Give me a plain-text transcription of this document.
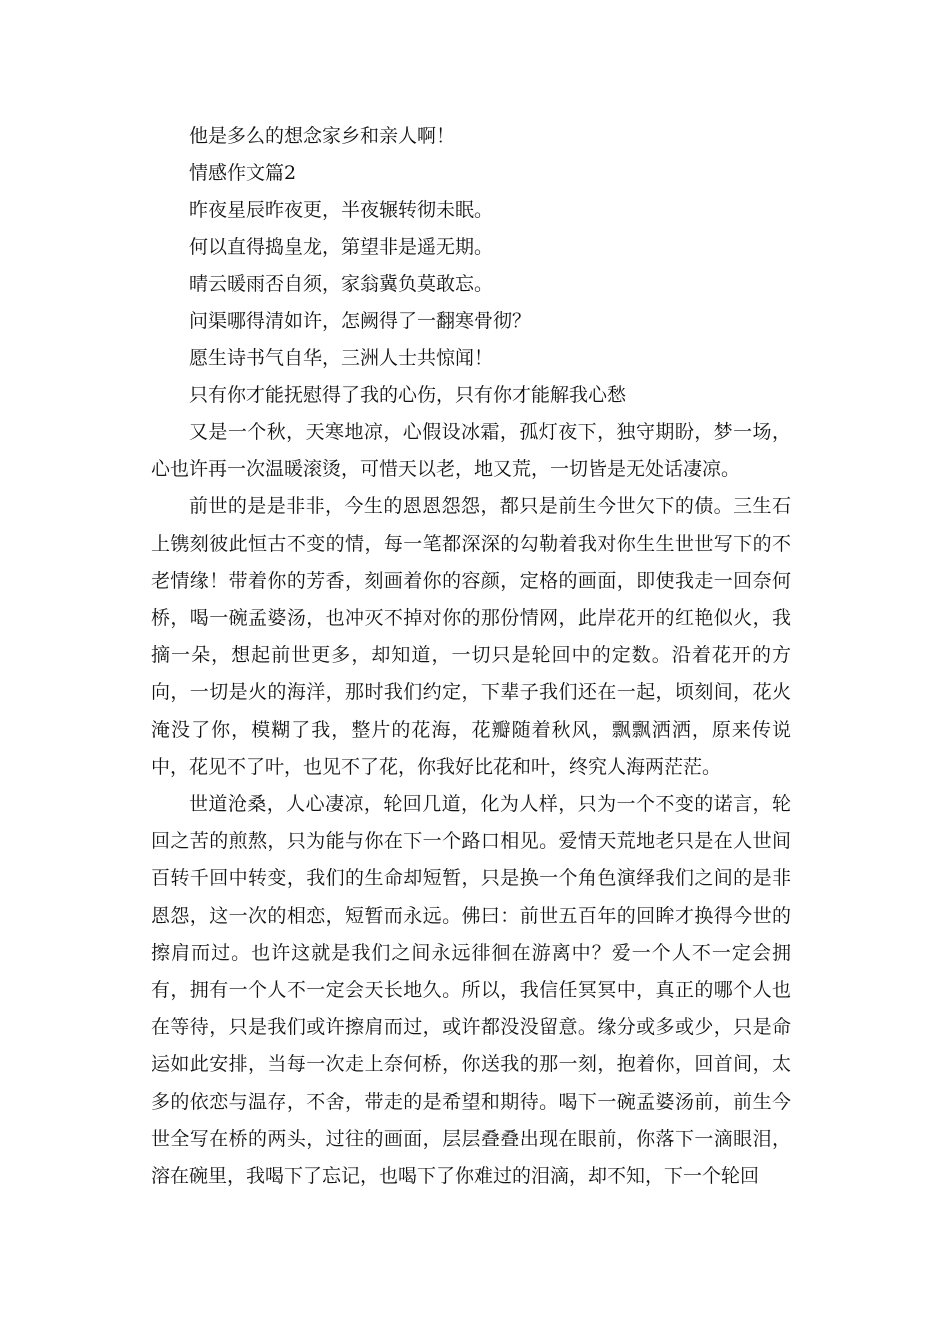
他是多么的想念家乡和亲人啊！

情感作文篇2

昨夜星辰昨夜更，半夜辗转彻未眠。

何以直得捣皇龙，第望非是遥无期。

晴云暖雨否自须，家翁冀负莫敢忘。

问渠哪得清如许，怎阙得了一翻寒骨彻？

愿生诗书气自华，三洲人士共惊闻！

只有你才能抚慰得了我的心伤，只有你才能解我心愁

又是一个秋，天寒地凉，心假设冰霜，孤灯夜下，独守期盼，梦一场，心也许再一次温暖滚烫，可惜天以老，地又荒，一切皆是无处话凄凉。

前世的是是非非，今生的恩恩怨怨，都只是前生今世欠下的债。三生石上镌刻彼此恒古不变的情，每一笔都深深的勾勒着我对你生生世世写下的不老情缘！带着你的芳香，刻画着你的容颜，定格的画面，即使我走一回奈何桥，喝一碗孟婆汤，也冲灭不掉对你的那份情网，此岸花开的红艳似火，我摘一朵，想起前世更多，却知道，一切只是轮回中的定数。沿着花开的方向，一切是火的海洋，那时我们约定，下辈子我们还在一起，顷刻间，花火淹没了你，模糊了我，整片的花海，花瓣随着秋风，飘飘洒洒，原来传说中，花见不了叶，也见不了花，你我好比花和叶，终究人海两茫茫。

世道沧桑，人心凄凉，轮回几道，化为人样，只为一个不变的诺言，轮回之苦的煎熬，只为能与你在下一个路口相见。爱情天荒地老只是在人世间百转千回中转变，我们的生命却短暂，只是换一个角色演绎我们之间的是非恩怨，这一次的相恋，短暂而永远。佛曰：前世五百年的回眸才换得今世的擦肩而过。也许这就是我们之间永远徘徊在游离中？爱一个人不一定会拥有，拥有一个人不一定会天长地久。所以，我信任冥冥中，真正的哪个人也在等待，只是我们或许擦肩而过，或许都没没留意。缘分或多或少，只是命运如此安排，当每一次走上奈何桥，你送我的那一刻，抱着你，回首间，太多的依恋与温存，不舍，带走的是希望和期待。喝下一碗孟婆汤前，前生今世全写在桥的两头，过往的画面，层层叠叠出现在眼前，你落下一滴眼泪，溶在碗里，我喝下了忘记，也喝下了你难过的泪滴，却不知，下一个轮回
